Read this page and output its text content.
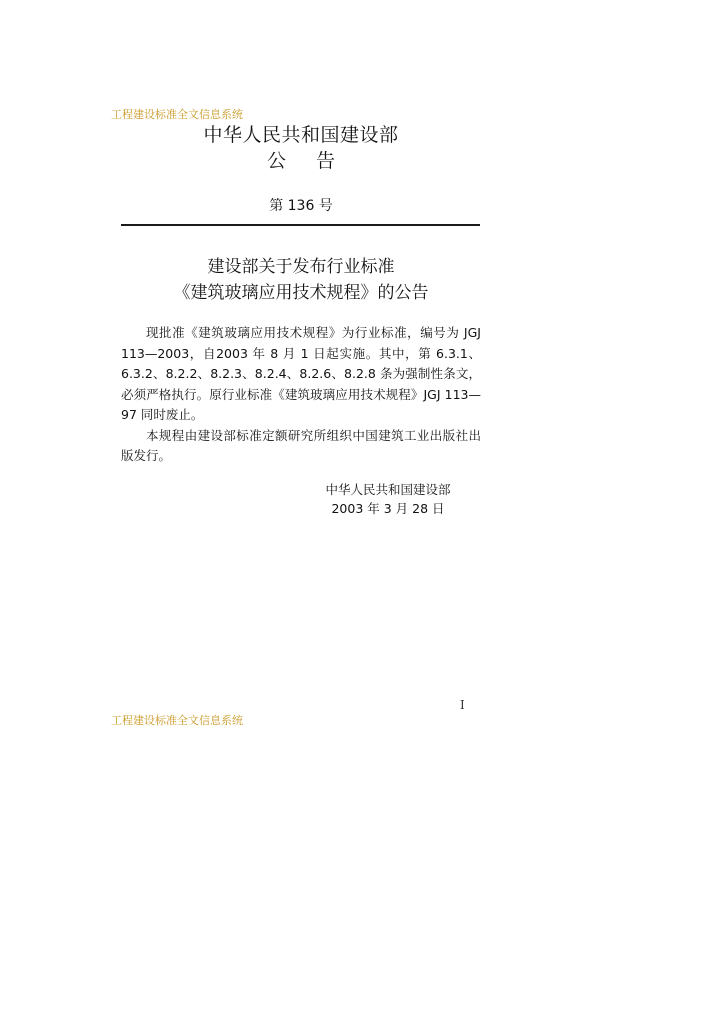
工程建设标准全文信息系统
中华人民共和国建设部
公告
第 136 号
建设部关于发布行业标准
《建筑玻璃应用技术规程》的公告

现批准《建筑玻璃应用技术规程》为行业标准，编号为 JGJ 113—2003，自2003 年 8 月 1 日起实施。其中，第 6.3.1、6.3.2、8.2.2、8.2.3、8.2.4、8.2.6、8.2.8 条为强制性条文，必须严格执行。原行业标准《建筑玻璃应用技术规程》JGJ 113—97 同时废止。

本规程由建设部标准定额研究所组织中国建筑工业出版社出版发行。

中华人民共和国建设部
2003 年 3 月 28 日
I
工程建设标准全文信息系统
